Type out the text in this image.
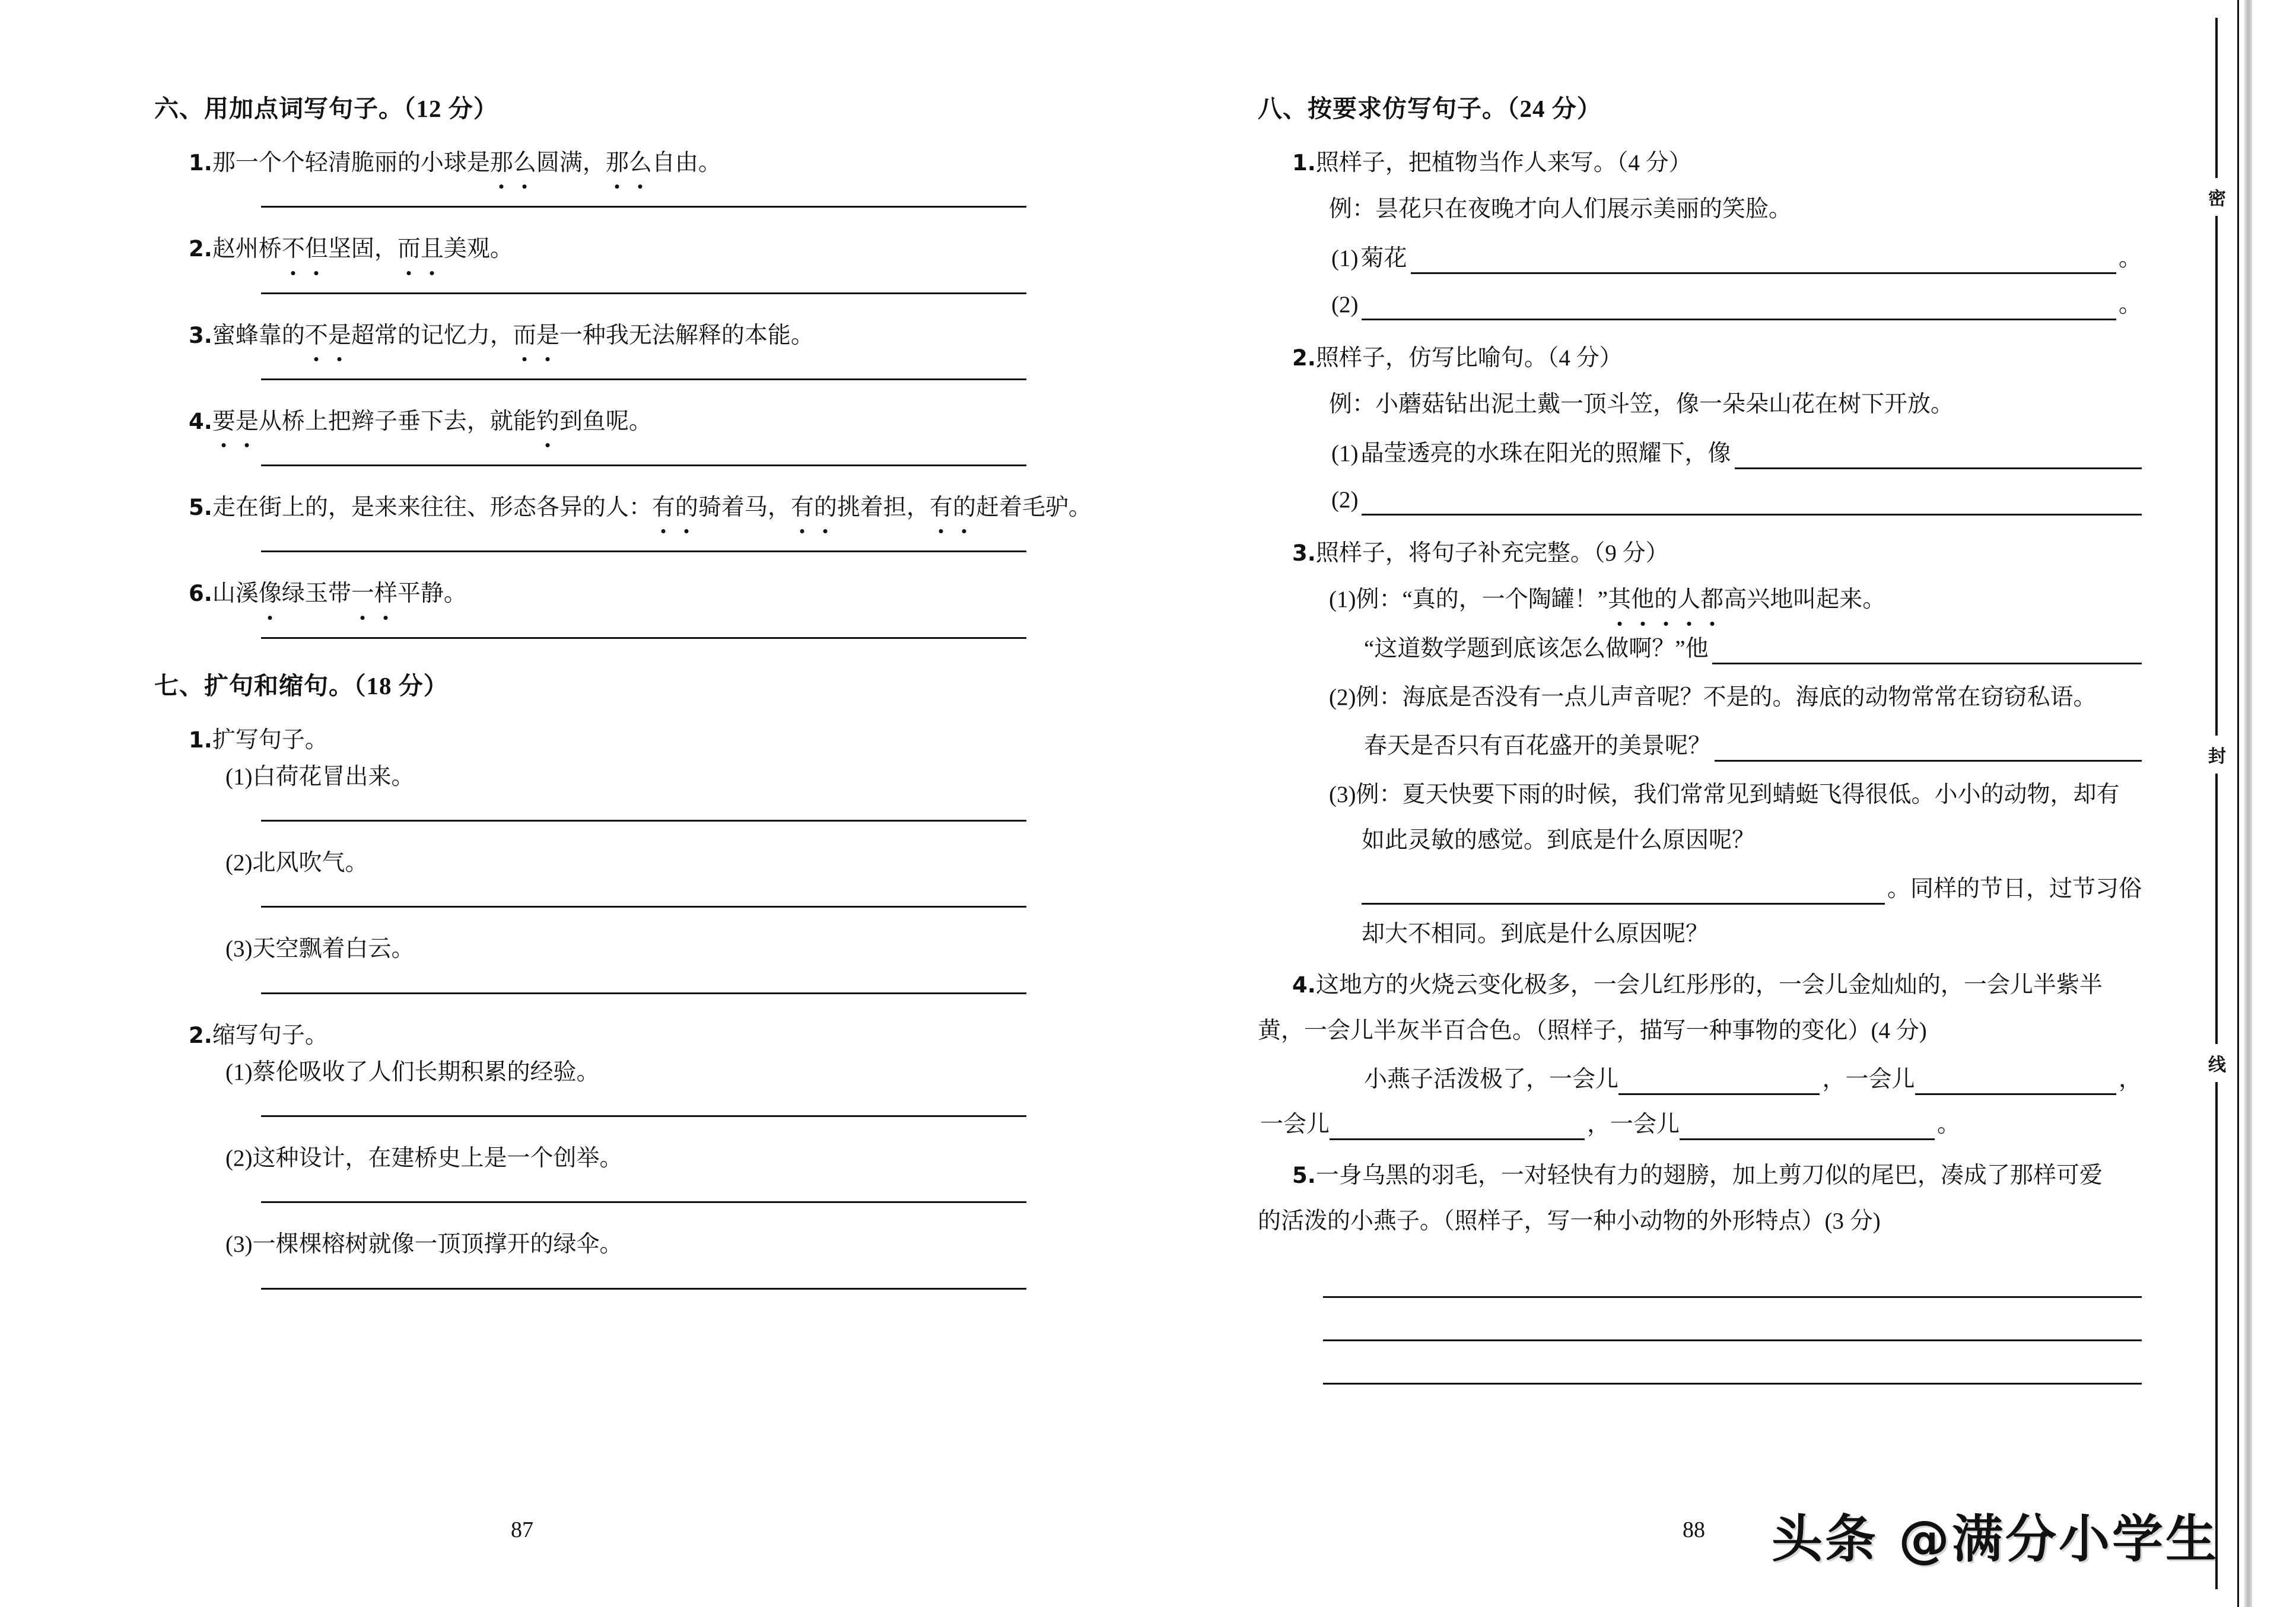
六、用加点词写句子。（12 分）
1.那一个个轻清脆丽的小球是那么圆满，那么自由。
2.赵州桥不但坚固，而且美观。
3.蜜蜂靠的不是超常的记忆力，而是一种我无法解释的本能。
4.要是从桥上把辫子垂下去，就能钓到鱼呢。
5.走在街上的，是来来往往、形态各异的人：有的骑着马，有的挑着担，有的赶着毛驴。
6.山溪像绿玉带一样平静。
七、扩句和缩句。（18 分）
1.扩写句子。
(1)白荷花冒出来。
(2)北风吹气。
(3)天空飘着白云。
2.缩写句子。
(1)蔡伦吸收了人们长期积累的经验。
(2)这种设计，在建桥史上是一个创举。
(3)一棵棵榕树就像一顶顶撑开的绿伞。
87
八、按要求仿写句子。（24 分）
1.照样子，把植物当作人来写。（4 分）
例：昙花只在夜晚才向人们展示美丽的笑脸。
(1) 菊花	。
(2)	。
2.照样子，仿写比喻句。（4 分）
例：小蘑菇钻出泥土戴一顶斗笠，像一朵朵山花在树下开放。
(1) 晶莹透亮的水珠在阳光的照耀下，像
(2)
3.照样子，将句子补充完整。（9 分）
(1)例：“真的，一个陶罐！”其他的人都高兴地叫起来。
“这道数学题到底该怎么做啊？”他
(2)例：海底是否没有一点儿声音呢？不是的。海底的动物常常在窃窃私语。
春天是否只有百花盛开的美景呢？
(3)例：夏天快要下雨的时候，我们常常见到蜻蜓飞得很低。小小的动物，却有
如此灵敏的感觉。到底是什么原因呢？
。同样的节日，过节习俗
却大不相同。到底是什么原因呢？
4.这地方的火烧云变化极多，一会儿红彤彤的，一会儿金灿灿的，一会儿半紫半
黄，一会儿半灰半百合色。（照样子，描写一种事物的变化）(4 分)
小燕子活泼极了，一会儿	，一会儿	，
一会儿	，一会儿	。
5.一身乌黑的羽毛，一对轻快有力的翅膀，加上剪刀似的尾巴，凑成了那样可爱
的活泼的小燕子。（照样子，写一种小动物的外形特点）(3 分)
88
密
封
线
头条 @满分小学生
